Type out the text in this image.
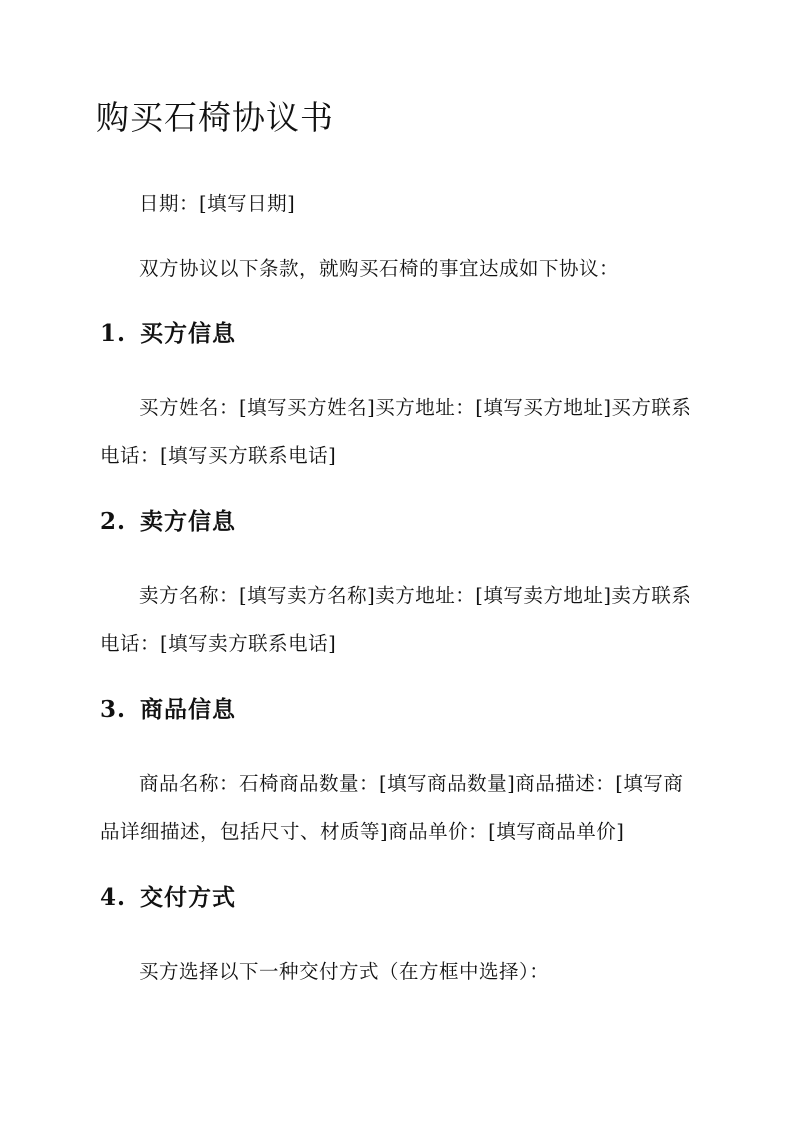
购买石椅协议书

日期：[填写日期]

双方协议以下条款，就购买石椅的事宜达成如下协议：

1. 买方信息

买方姓名：[填写买方姓名]买方地址：[填写买方地址]买方联系电话：[填写买方联系电话]

2. 卖方信息

卖方名称：[填写卖方名称]卖方地址：[填写卖方地址]卖方联系电话：[填写卖方联系电话]

3. 商品信息

商品名称：石椅商品数量：[填写商品数量]商品描述：[填写商品详细描述，包括尺寸、材质等]商品单价：[填写商品单价]

4. 交付方式

买方选择以下一种交付方式（在方框中选择）：
